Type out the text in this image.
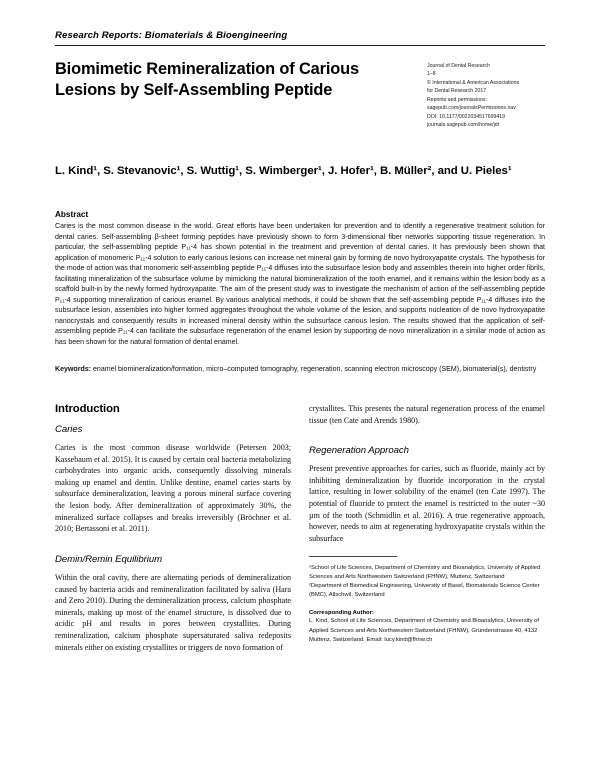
Research Reports: Biomaterials & Bioengineering
Biomimetic Remineralization of Carious Lesions by Self-Assembling Peptide
Journal of Dental Research
1–8
© International & American Associations
for Dental Research 2017
Reprints and permissions:
sagepub.com/journalsPermissions.nav
DOI: 10.1177/0022034517699419
journals.sagepub.com/home/jdr
L. Kind¹, S. Stevanovic¹, S. Wuttig¹, S. Wimberger¹, J. Hofer¹, B. Müller², and U. Pieles¹
Abstract
Caries is the most common disease in the world. Great efforts have been undertaken for prevention and to identify a regenerative treatment solution for dental caries. Self-assembling β-sheet forming peptides have previously shown to form 3-dimensional fiber networks supporting tissue regeneration. In particular, the self-assembling peptide P₁₁-4 has shown potential in the treatment and prevention of dental caries. It has previously been shown that application of monomeric P₁₁-4 solution to early carious lesions can increase net mineral gain by forming de novo hydroxyapatite crystals. The hypothesis for the mode of action was that monomeric self-assembling peptide P₁₁-4 diffuses into the subsurface lesion body and assembles therein into higher order fibrils, facilitating mineralization of the subsurface volume by mimicking the natural biomineralization of the tooth enamel, and it remains within the lesion body as a scaffold built-in by the newly formed hydroxyapatite. The aim of the present study was to investigate the mechanism of action of the self-assembling peptide P₁₁-4 supporting mineralization of carious enamel. By various analytical methods, it could be shown that the self-assembling peptide P₁₁-4 diffuses into the subsurface lesion, assembles into higher formed aggregates throughout the whole volume of the lesion, and supports nucleation of de novo hydroxyapatite nanocrystals and consequently results in increased mineral density within the subsurface carious lesion. The results showed that the application of self-assembling peptide P₁₁-4 can facilitate the subsurface regeneration of the enamel lesion by supporting de novo mineralization in a similar mode of action as has been shown for the natural formation of dental enamel.
Keywords: enamel biomineralization/formation, micro–computed tomography, regeneration, scanning electron microscopy (SEM), biomaterial(s), dentistry
Introduction
Caries

Caries is the most common disease worldwide (Petersen 2003; Kassebaum et al. 2015). It is caused by certain oral bacteria metabolizing carbohydrates into organic acids, consequently dissolving minerals making up enamel and dentin. Unlike dentine, enamel caries starts by subsurface demineralization, leaving a porous mineral surface covering the lesion body. After demineralization of approximately 30%, the mineralized surface collapses and breaks irreversibly (Bröchner et al. 2010; Bertassoni et al. 2011).

Demin/Remin Equilibrium

Within the oral cavity, there are alternating periods of demineralization caused by bacteria acids and remineralization facilitated by saliva (Hara and Zero 2010). During the demineralization process, calcium phosphate minerals, making up most of the enamel structure, is dissolved due to acidic pH and results in pores between crystallites. During remineralization, calcium phosphate supersaturated saliva redeposits minerals either on existing crystallites or triggers de novo formation of

crystallites. This presents the natural regeneration process of the enamel tissue (ten Cate and Arends 1980).

Regeneration Approach

Present preventive approaches for caries, such as fluoride, mainly act by inhibiting demineralization by fluoride incorporation in the crystal lattice, resulting in lower solubility of the enamel (ten Cate 1997). The potential of fluoride to protect the enamel is restricted to the outer ~30 µm of the tooth (Schmidlin et al. 2016). A true regenerative approach, however, needs to aim at regenerating hydroxyapatite crystals within the subsurface

¹School of Life Sciences, Department of Chemistry and Bioanalytics, University of Applied Sciences and Arts Northwestern Switzerland (FHNW), Muttenz, Switzerland
²Department of Biomedical Engineering, University of Basel, Biomaterials Science Center (BMC), Allschwil, Switzerland
Corresponding Author:
L. Kind, School of Life Sciences, Department of Chemistry and Bioanalytics, University of Applied Sciences and Arts Northwestern Switzerland (FHNW), Gründenstrasse 40, 4132 Muttenz, Switzerland. Email: lucy.kind@fhnw.ch
